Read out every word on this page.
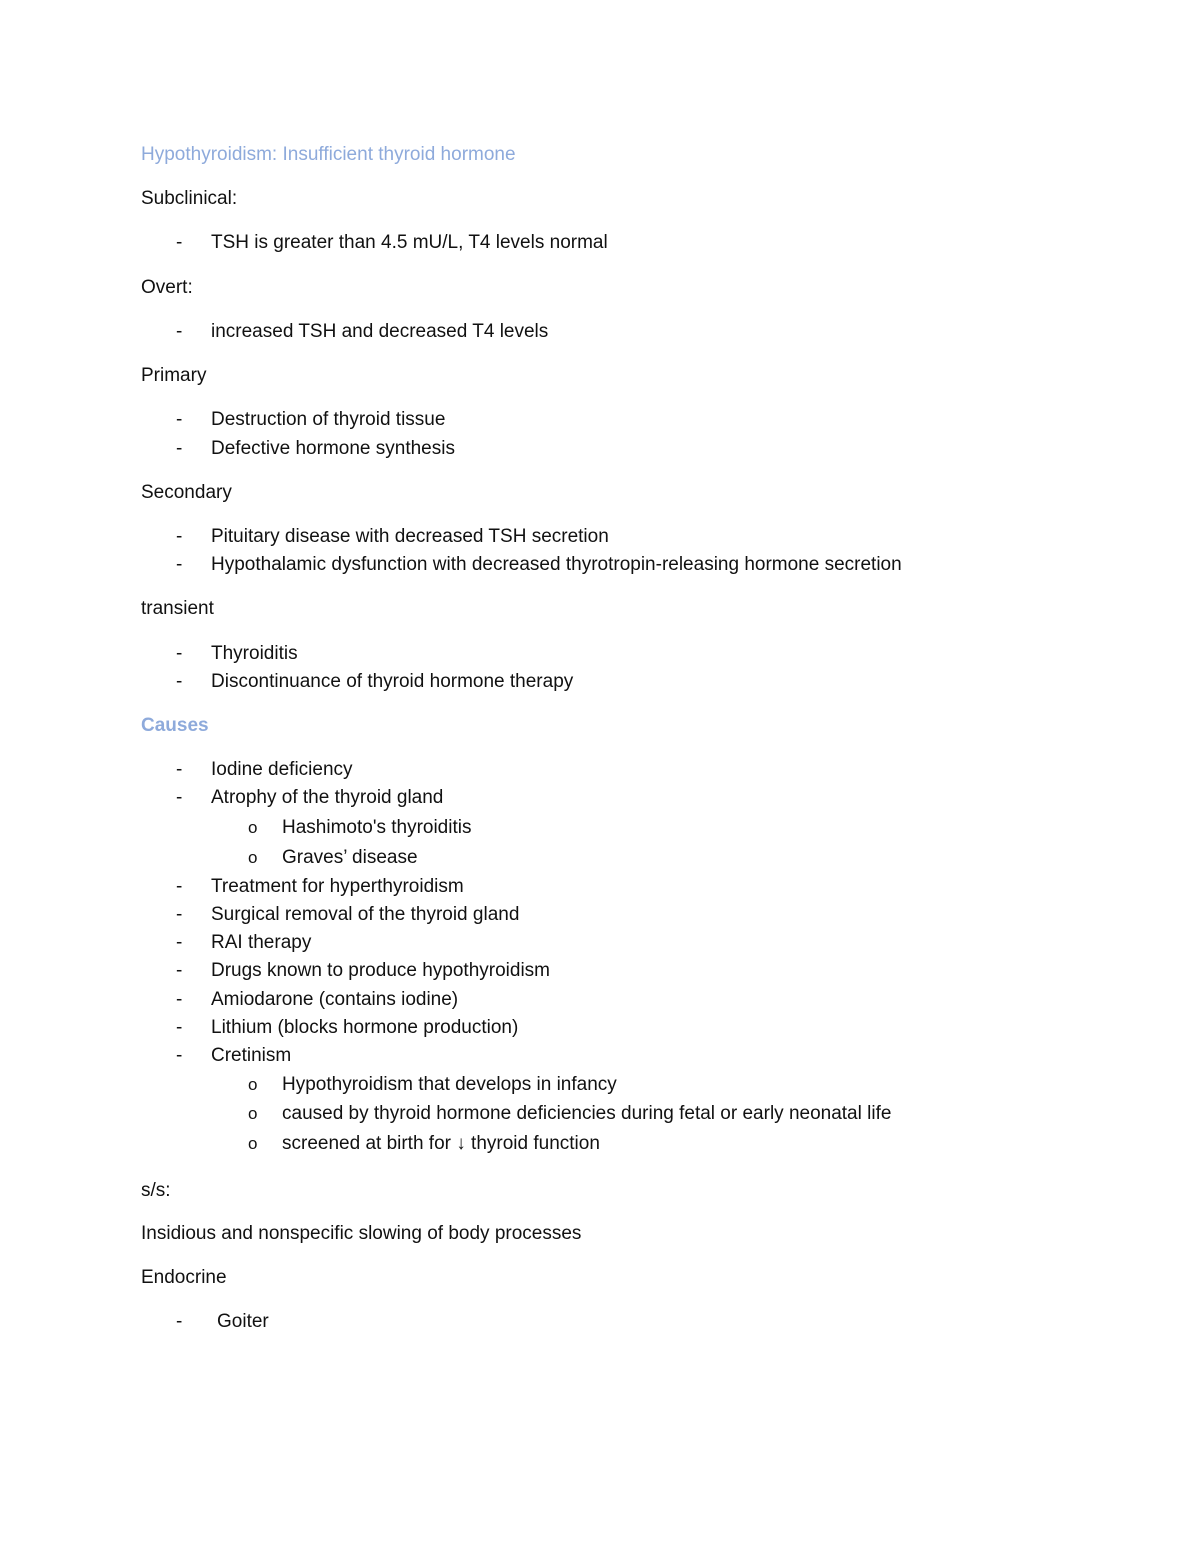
Hypothyroidism: Insufficient thyroid hormone
Subclinical:
- TSH is greater than 4.5 mU/L, T4 levels normal
Overt:
- increased TSH and decreased T4 levels
Primary
- Destruction of thyroid tissue
- Defective hormone synthesis
Secondary
- Pituitary disease with decreased TSH secretion
- Hypothalamic dysfunction with decreased thyrotropin-releasing hormone secretion
transient
- Thyroiditis
- Discontinuance of thyroid hormone therapy
Causes
- Iodine deficiency
- Atrophy of the thyroid gland
o Hashimoto's thyroiditis
o Graves’ disease
- Treatment for hyperthyroidism
- Surgical removal of the thyroid gland
- RAI therapy
- Drugs known to produce hypothyroidism
- Amiodarone (contains iodine)
- Lithium (blocks hormone production)
- Cretinism
o Hypothyroidism that develops in infancy
o caused by thyroid hormone deficiencies during fetal or early neonatal life
o screened at birth for ↓ thyroid function
s/s:
Insidious and nonspecific slowing of body processes
Endocrine
- Goiter
